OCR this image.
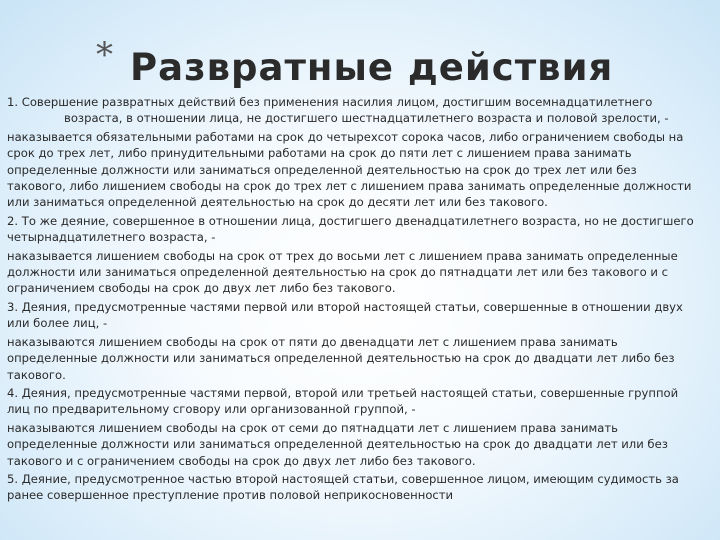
* Развратные действия

1. Совершение развратных действий без применения насилия лицом, достигшим восемнадцатилетнего
возраста, в отношении лица, не достигшего шестнадцатилетнего возраста и половой зрелости, -

наказывается обязательными работами на срок до четырехсот сорока часов, либо ограничением свободы на срок до трех лет, либо принудительными работами на срок до пяти лет с лишением права занимать определенные должности или заниматься определенной деятельностью на срок до трех лет или без такового, либо лишением свободы на срок до трех лет с лишением права занимать определенные должности или заниматься определенной деятельностью на срок до десяти лет или без такового.

2. То же деяние, совершенное в отношении лица, достигшего двенадцатилетнего возраста, но не достигшего четырнадцатилетнего возраста, -

наказывается лишением свободы на срок от трех до восьми лет с лишением права занимать определенные должности или заниматься определенной деятельностью на срок до пятнадцати лет или без такового и с ограничением свободы на срок до двух лет либо без такового.

3. Деяния, предусмотренные частями первой или второй настоящей статьи, совершенные в отношении двух или более лиц, -

наказываются лишением свободы на срок от пяти до двенадцати лет с лишением права занимать определенные должности или заниматься определенной деятельностью на срок до двадцати лет либо без такового.

4. Деяния, предусмотренные частями первой, второй или третьей настоящей статьи, совершенные группой лиц по предварительному сговору или организованной группой, -

наказываются лишением свободы на срок от семи до пятнадцати лет с лишением права занимать определенные должности или заниматься определенной деятельностью на срок до двадцати лет или без такового и с ограничением свободы на срок до двух лет либо без такового.

5. Деяние, предусмотренное частью второй настоящей статьи, совершенное лицом, имеющим судимость за ранее совершенное преступление против половой неприкосновенности
